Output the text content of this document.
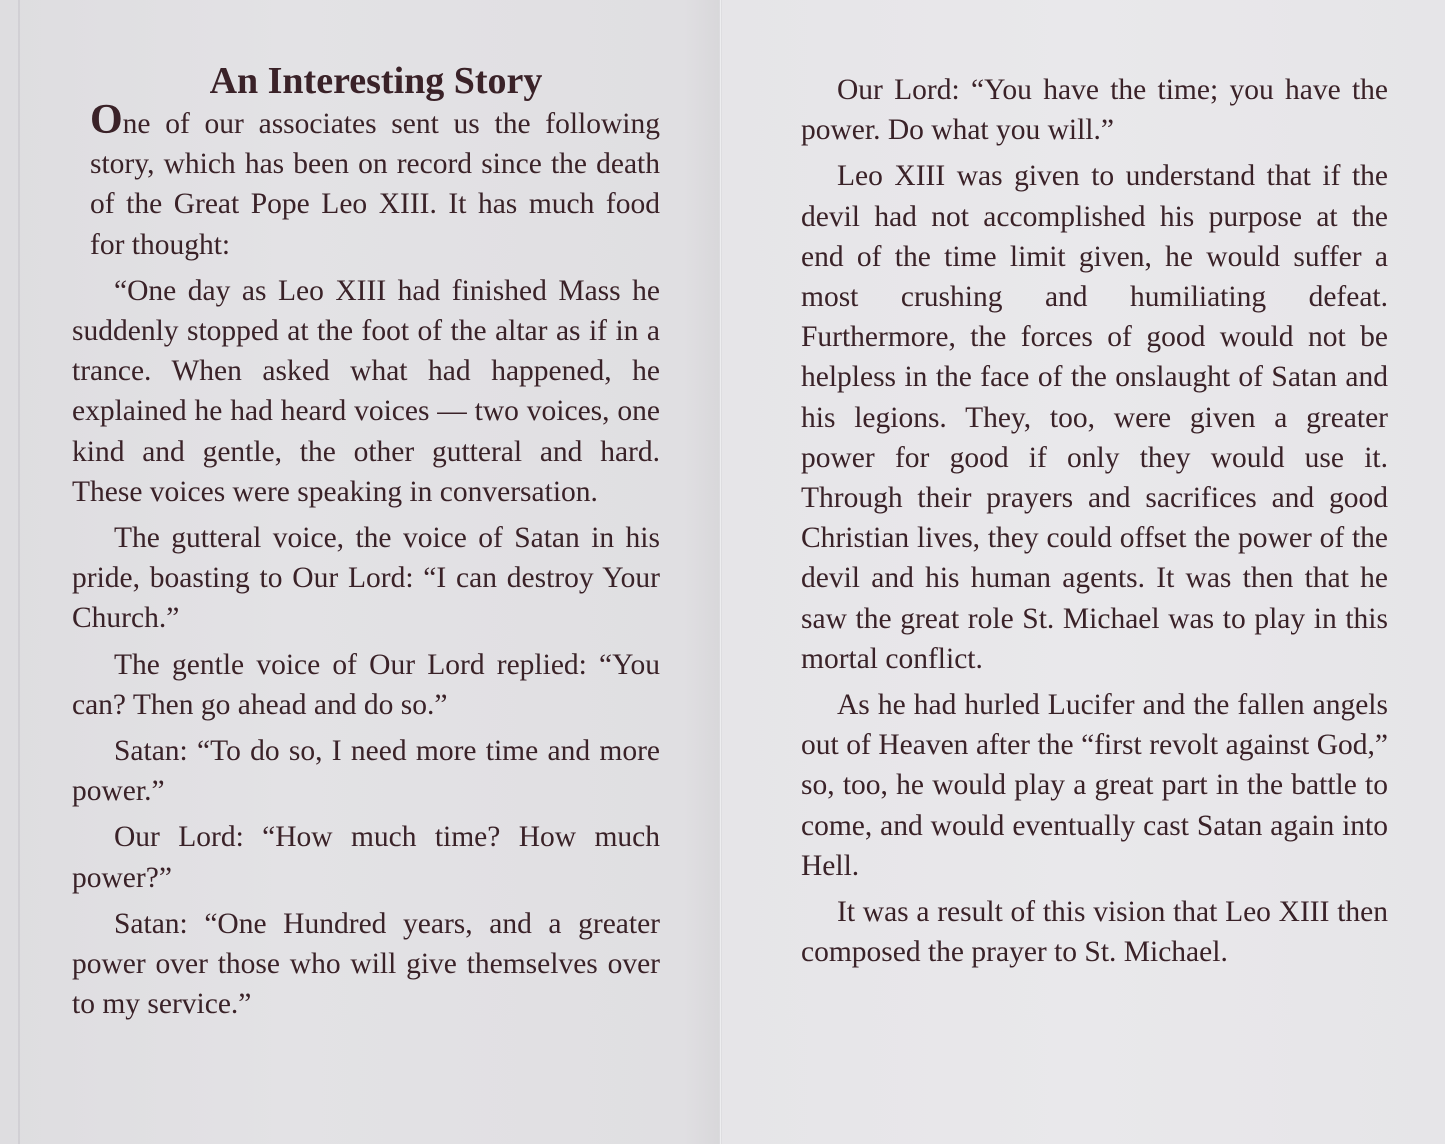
An Interesting Story

One of our associates sent us the following story, which has been on record since the death of the Great Pope Leo XIII. It has much food for thought:

“One day as Leo XIII had finished Mass he suddenly stopped at the foot of the altar as if in a trance. When asked what had happened, he explained he had heard voices — two voices, one kind and gentle, the other gutteral and hard. These voices were speaking in conversation.

The gutteral voice, the voice of Satan in his pride, boasting to Our Lord: “I can destroy Your Church.”

The gentle voice of Our Lord replied: “You can? Then go ahead and do so.”

Satan: “To do so, I need more time and more power.”

Our Lord: “How much time? How much power?”

Satan: “One Hundred years, and a greater power over those who will give themselves over to my service.”

Our Lord: “You have the time; you have the power. Do what you will.”

Leo XIII was given to understand that if the devil had not accomplished his purpose at the end of the time limit given, he would suffer a most crushing and humiliating defeat. Furthermore, the forces of good would not be helpless in the face of the onslaught of Satan and his legions. They, too, were given a greater power for good if only they would use it. Through their prayers and sacrifices and good Christian lives, they could offset the power of the devil and his human agents. It was then that he saw the great role St. Michael was to play in this mortal conflict.

As he had hurled Lucifer and the fallen angels out of Heaven after the “first revolt against God,” so, too, he would play a great part in the battle to come, and would eventually cast Satan again into Hell.

It was a result of this vision that Leo XIII then composed the prayer to St. Michael.
